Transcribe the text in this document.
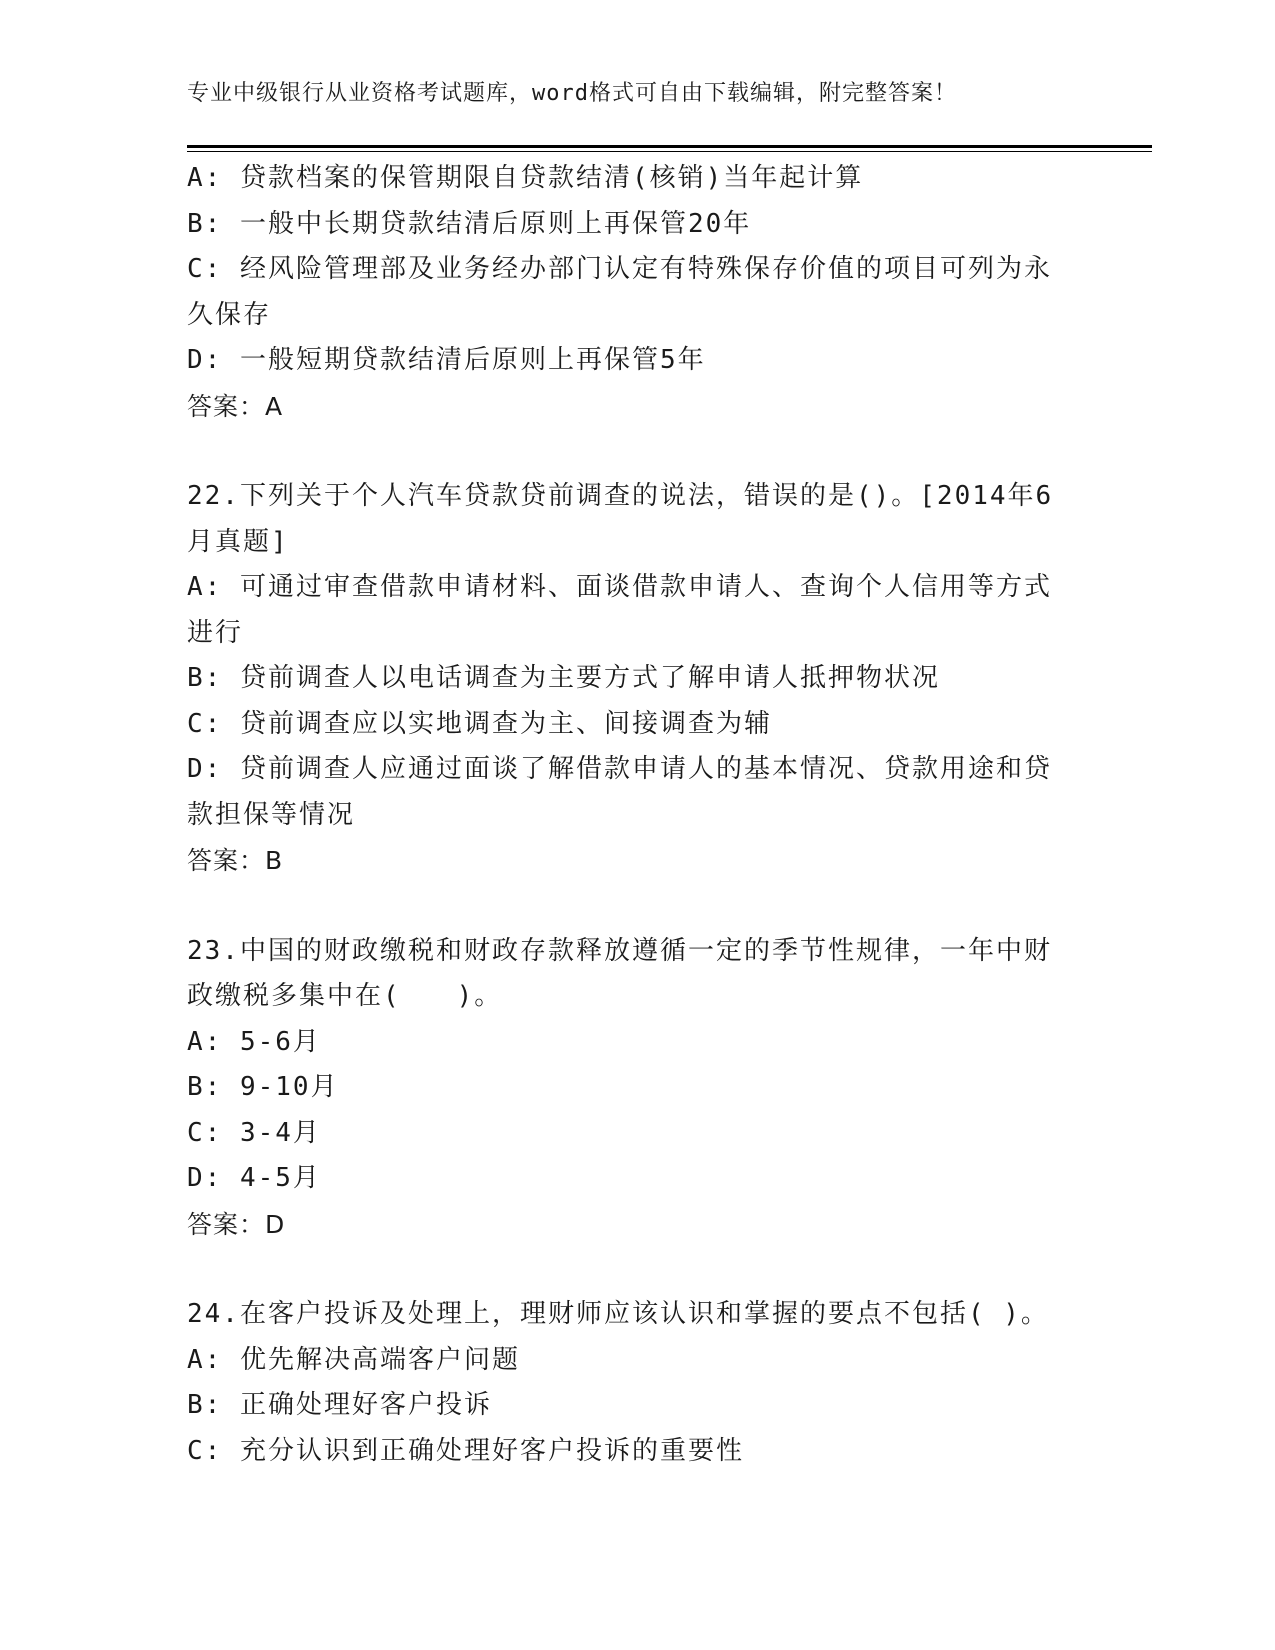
专业中级银行从业资格考试题库，word格式可自由下载编辑，附完整答案！
A: 贷款档案的保管期限自贷款结清(核销)当年起计算
B: 一般中长期贷款结清后原则上再保管20年
C: 经风险管理部及业务经办部门认定有特殊保存价值的项目可列为永
久保存
D: 一般短期贷款结清后原则上再保管5年
答案：A
22.下列关于个人汽车贷款贷前调查的说法，错误的是()。[2014年6
月真题]
A: 可通过审查借款申请材料、面谈借款申请人、查询个人信用等方式
进行
B: 贷前调查人以电话调查为主要方式了解申请人抵押物状况
C: 贷前调查应以实地调查为主、间接调查为辅
D: 贷前调查人应通过面谈了解借款申请人的基本情况、贷款用途和贷
款担保等情况
答案：B
23.中国的财政缴税和财政存款释放遵循一定的季节性规律，一年中财
政缴税多集中在(　　)。
A: 5-6月
B: 9-10月
C: 3-4月
D: 4-5月
答案：D
24.在客户投诉及处理上，理财师应该认识和掌握的要点不包括( )。
A: 优先解决高端客户问题
B: 正确处理好客户投诉
C: 充分认识到正确处理好客户投诉的重要性
